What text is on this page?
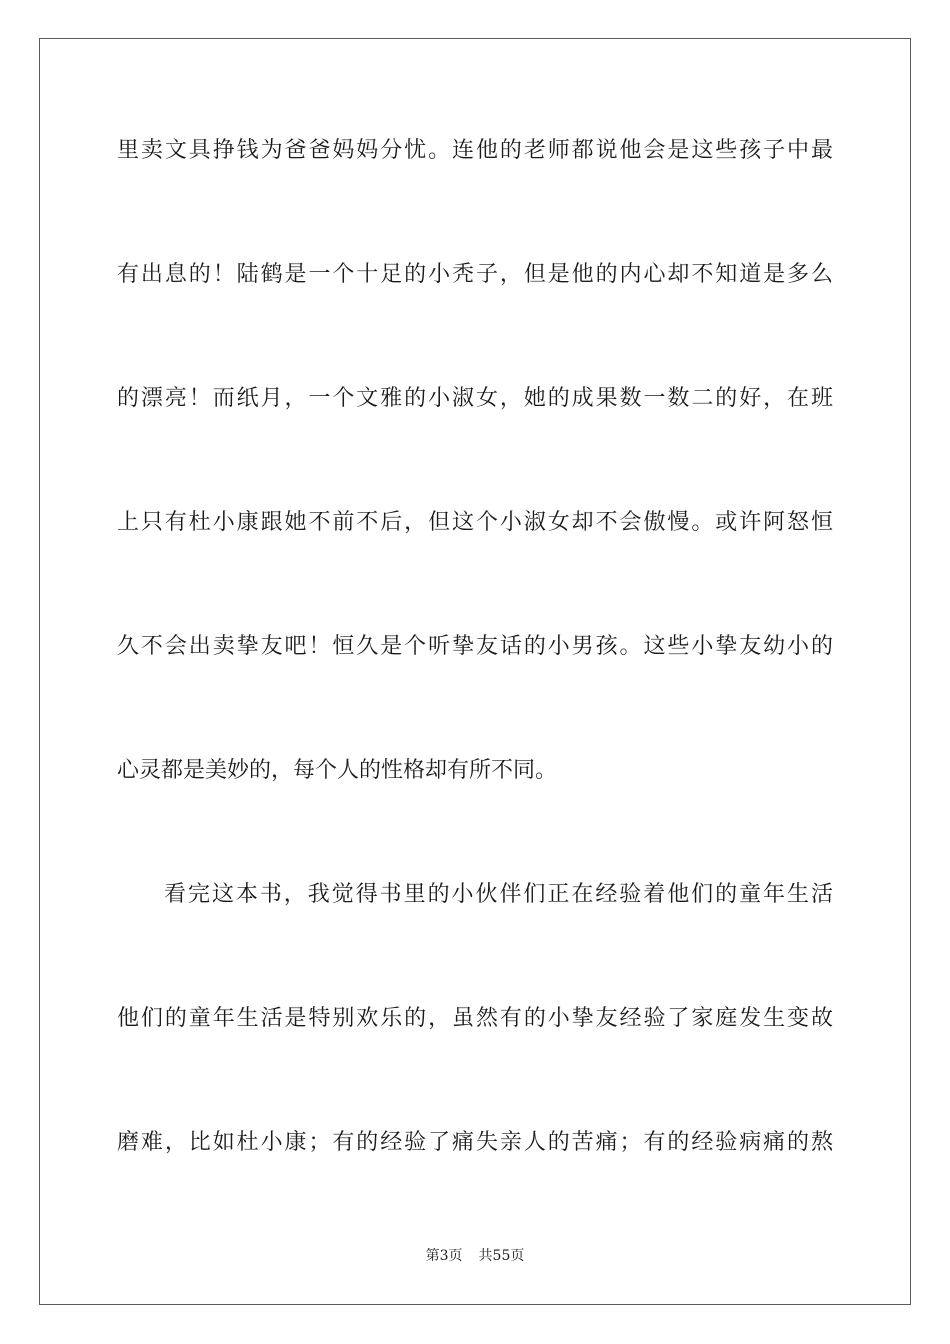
里卖文具挣钱为爸爸妈妈分忧。连他的老师都说他会是这些孩子中最
有出息的！陆鹤是一个十足的小秃子，但是他的内心却不知道是多么
的漂亮！而纸月，一个文雅的小淑女，她的成果数一数二的好，在班
上只有杜小康跟她不前不后，但这个小淑女却不会傲慢。或许阿怒恒
久不会出卖挚友吧！恒久是个听挚友话的小男孩。这些小挚友幼小的
心灵都是美妙的，每个人的性格却有所不同。
看完这本书，我觉得书里的小伙伴们正在经验着他们的童年生活
他们的童年生活是特别欢乐的，虽然有的小挚友经验了家庭发生变故
磨难，比如杜小康；有的经验了痛失亲人的苦痛；有的经验病痛的熬
第3页 共55页
